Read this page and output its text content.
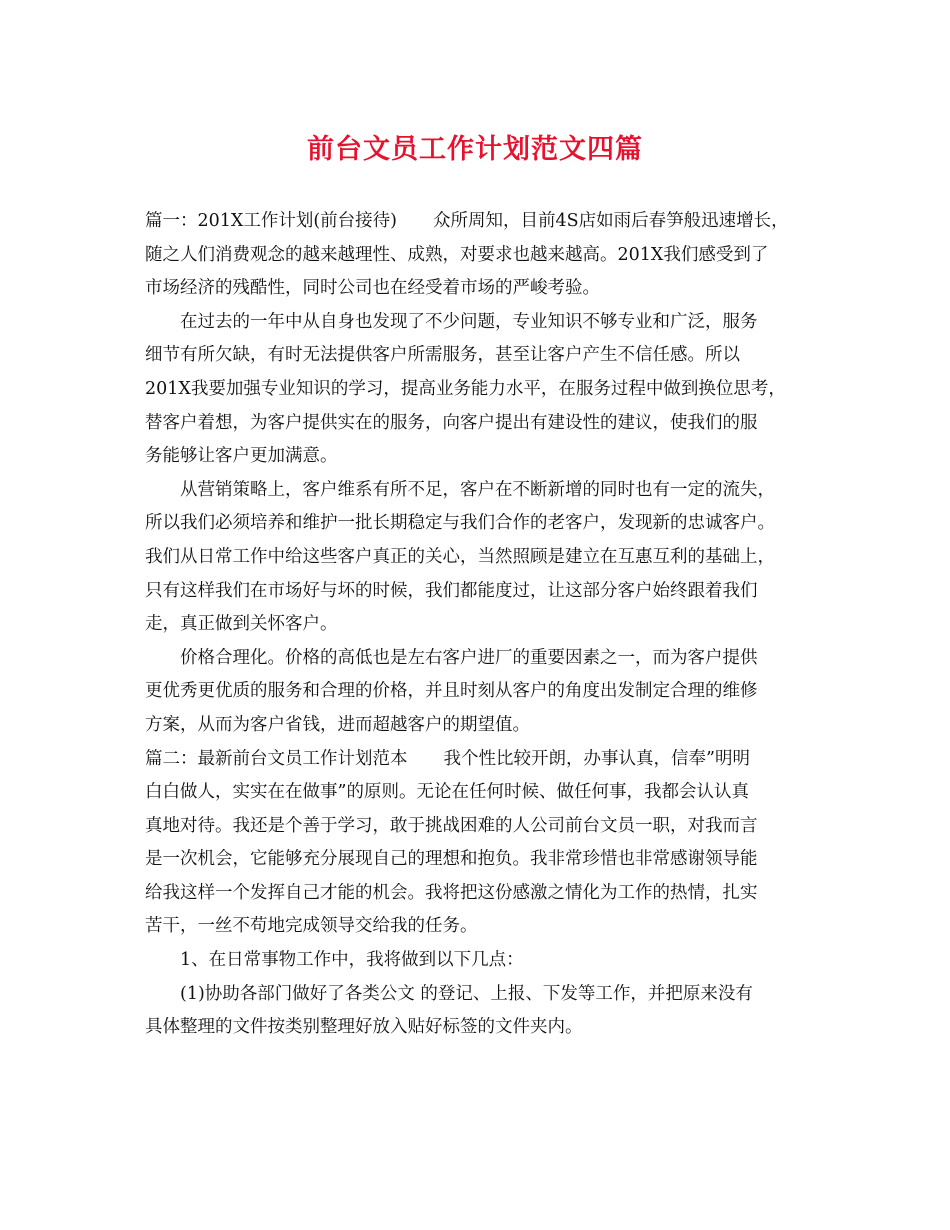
前台文员工作计划范文四篇
篇一：201X工作计划(前台接待) 众所周知，目前4S店如雨后春笋般迅速增长，
随之人们消费观念的越来越理性、成熟，对要求也越来越高。201X我们感受到了
市场经济的残酷性，同时公司也在经受着市场的严峻考验。
在过去的一年中从自身也发现了不少问题，专业知识不够专业和广泛，服务
细节有所欠缺，有时无法提供客户所需服务，甚至让客户产生不信任感。所以
201X我要加强专业知识的学习，提高业务能力水平，在服务过程中做到换位思考，
替客户着想，为客户提供实在的服务，向客户提出有建设性的建议，使我们的服
务能够让客户更加满意。
从营销策略上，客户维系有所不足，客户在不断新增的同时也有一定的流失，
所以我们必须培养和维护一批长期稳定与我们合作的老客户，发现新的忠诚客户。
我们从日常工作中给这些客户真正的关心，当然照顾是建立在互惠互利的基础上，
只有这样我们在市场好与坏的时候，我们都能度过，让这部分客户始终跟着我们
走，真正做到关怀客户。
价格合理化。价格的高低也是左右客户进厂的重要因素之一，而为客户提供
更优秀更优质的服务和合理的价格，并且时刻从客户的角度出发制定合理的维修
方案，从而为客户省钱，进而超越客户的期望值。
篇二：最新前台文员工作计划范本 我个性比较开朗，办事认真，信奉”明明
白白做人，实实在在做事”的原则。无论在任何时候、做任何事，我都会认认真
真地对待。我还是个善于学习，敢于挑战困难的人公司前台文员一职，对我而言
是一次机会，它能够充分展现自己的理想和抱负。我非常珍惜也非常感谢领导能
给我这样一个发挥自己才能的机会。我将把这份感激之情化为工作的热情，扎实
苦干，一丝不苟地完成领导交给我的任务。
1、在日常事物工作中，我将做到以下几点：
(1)协助各部门做好了各类公文 的登记、上报、下发等工作，并把原来没有
具体整理的文件按类别整理好放入贴好标签的文件夹内。
